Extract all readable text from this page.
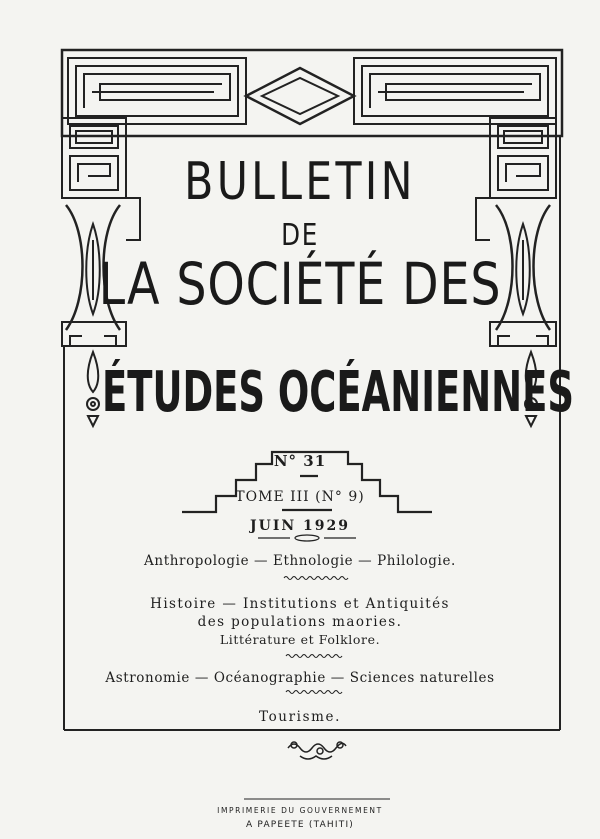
BULLETIN
DE
LA SOCIÉTÉ DES
ÉTUDES OCÉANIENNES
N° 31
TOME III (N° 9)
JUIN 1929
Anthropologie — Ethnologie — Philologie.
Histoire — Institutions et Antiquités
des populations maories.
Littérature et Folklore.
Astronomie — Océanographie — Sciences naturelles
Tourisme.
IMPRIMERIE DU GOUVERNEMENT
A PAPEETE (TAHITI)
